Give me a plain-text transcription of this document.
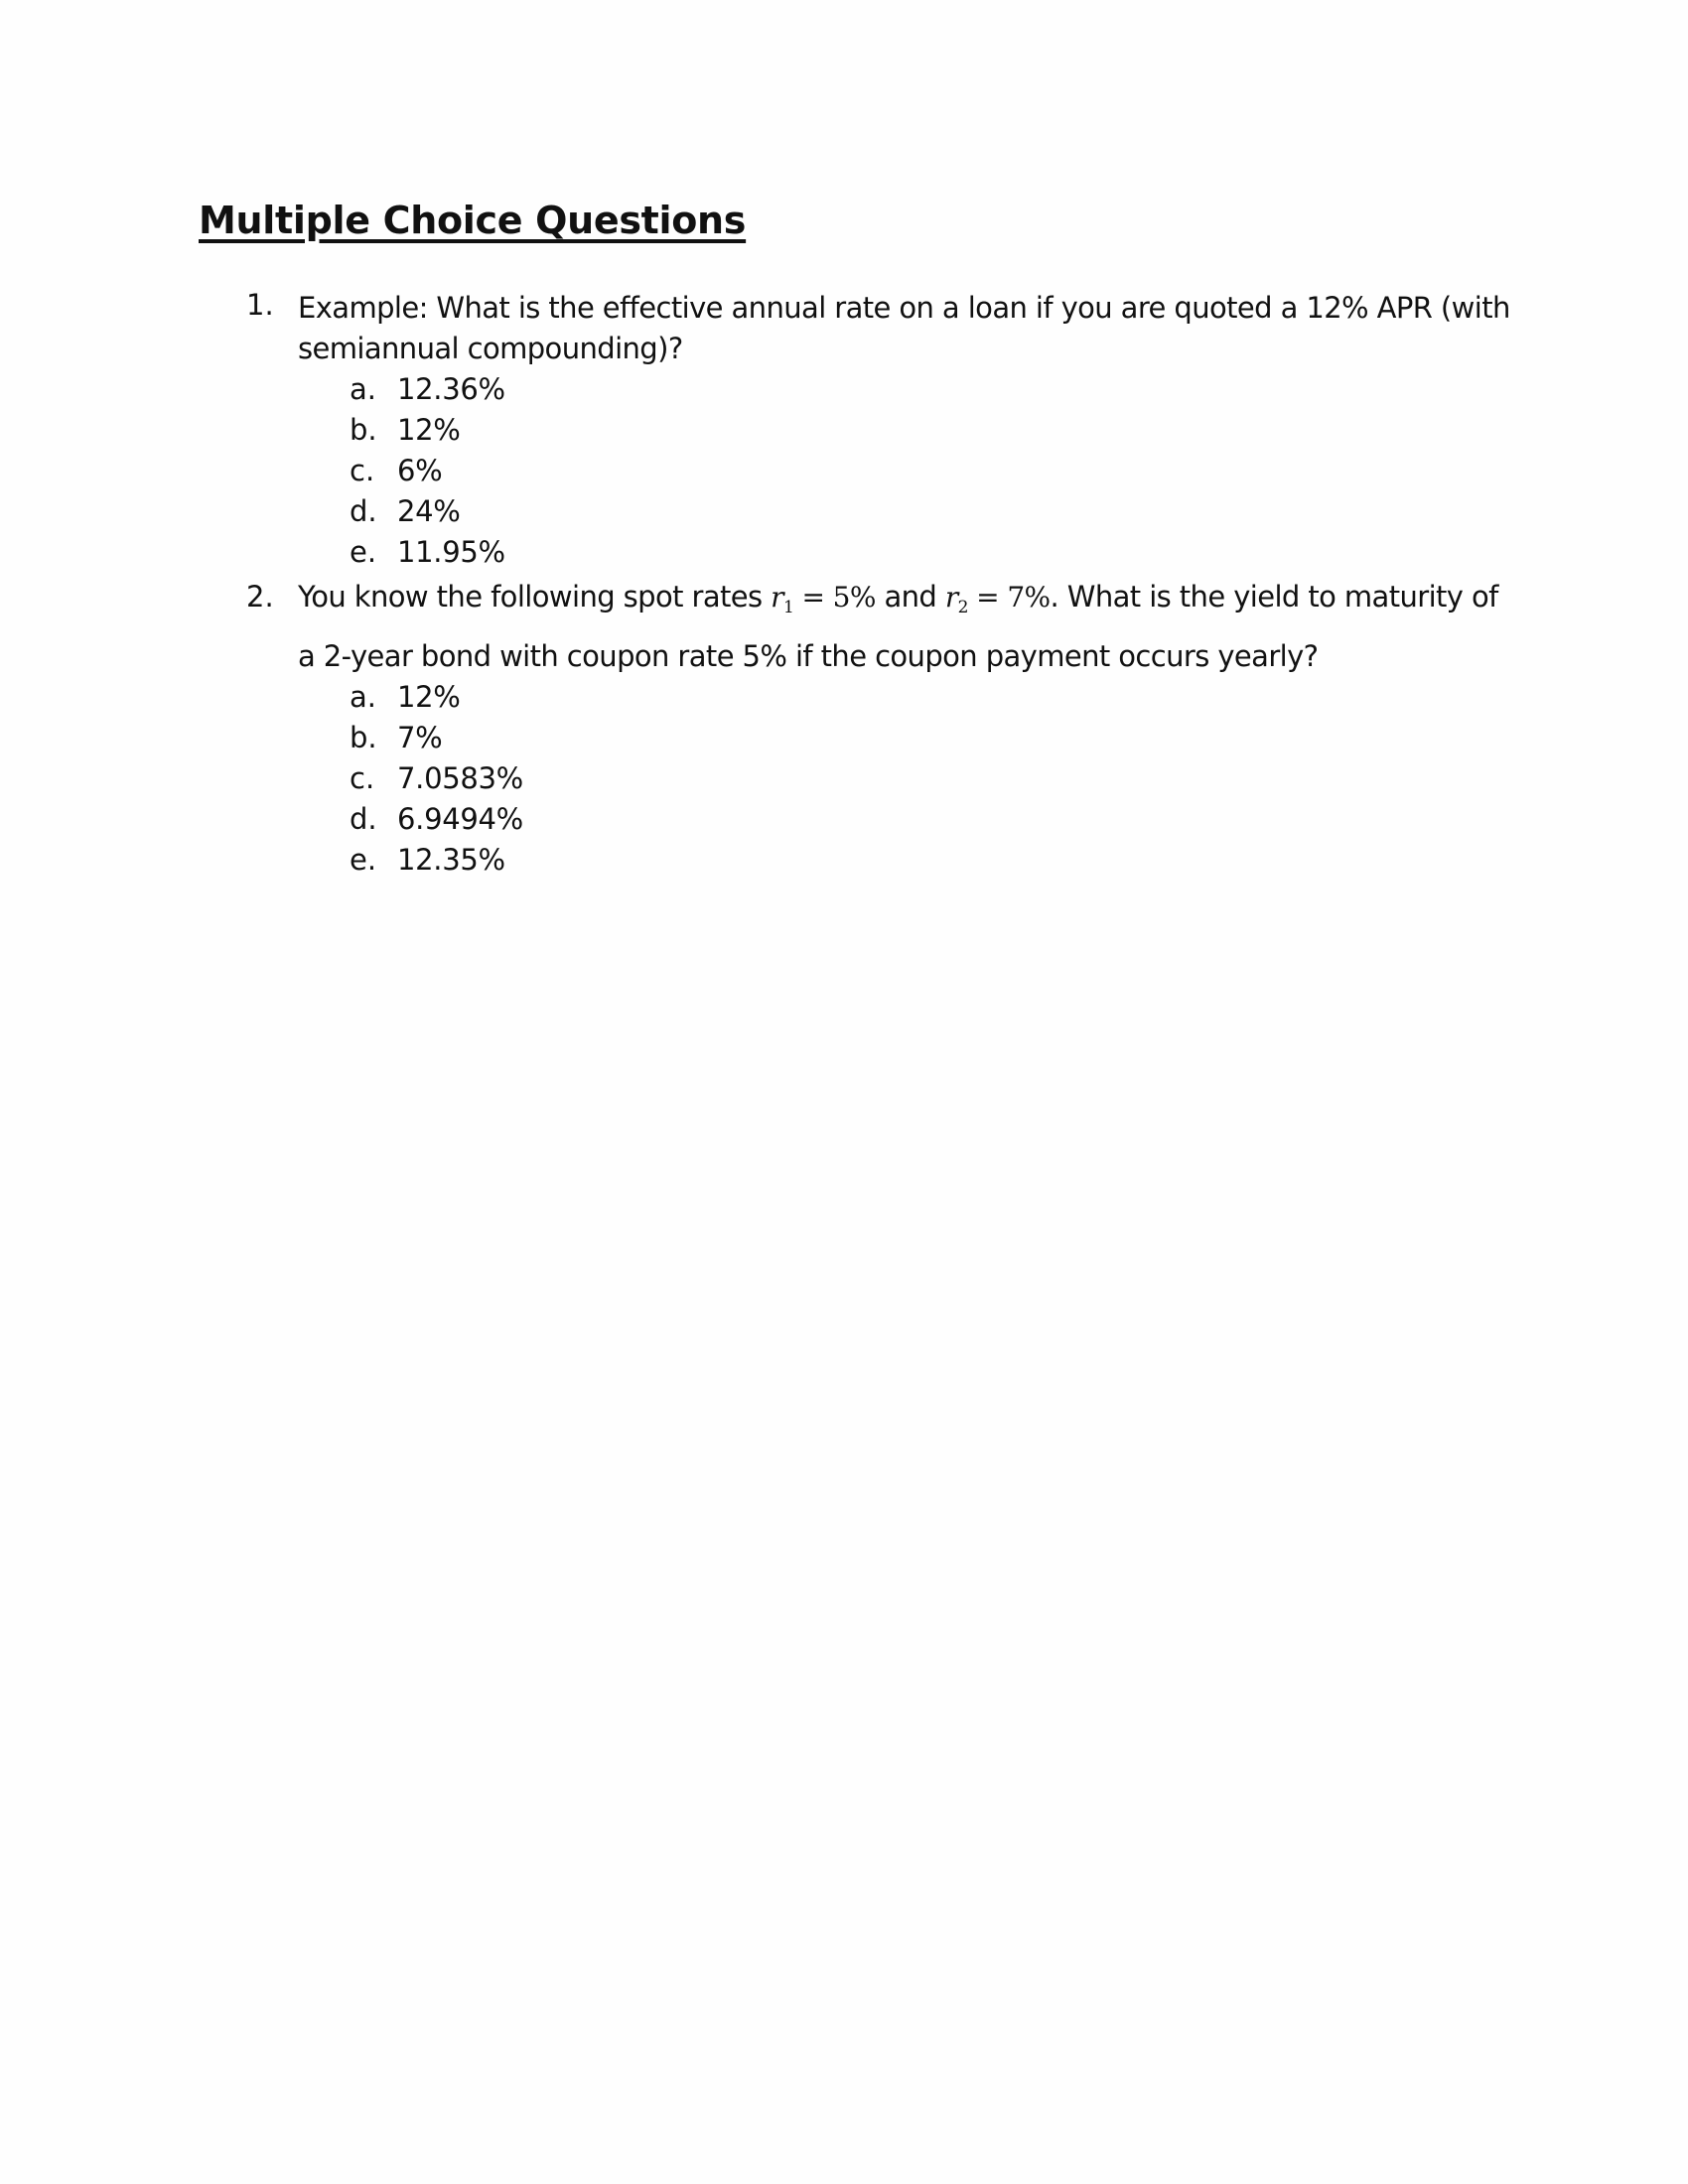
Multiple Choice Questions
1. Example: What is the effective annual rate on a loan if you are quoted a 12% APR (with
semiannual compounding)?
a. 12.36%
b. 12%
c. 6%
d. 24%
e. 11.95%
2. You know the following spot rates $r_1 = 5\%$ and $r_2 = 7\%$. What is the yield to maturity of
a 2-year bond with coupon rate 5% if the coupon payment occurs yearly?
a. 12%
b. 7%
c. 7.0583%
d. 6.9494%
e. 12.35%
